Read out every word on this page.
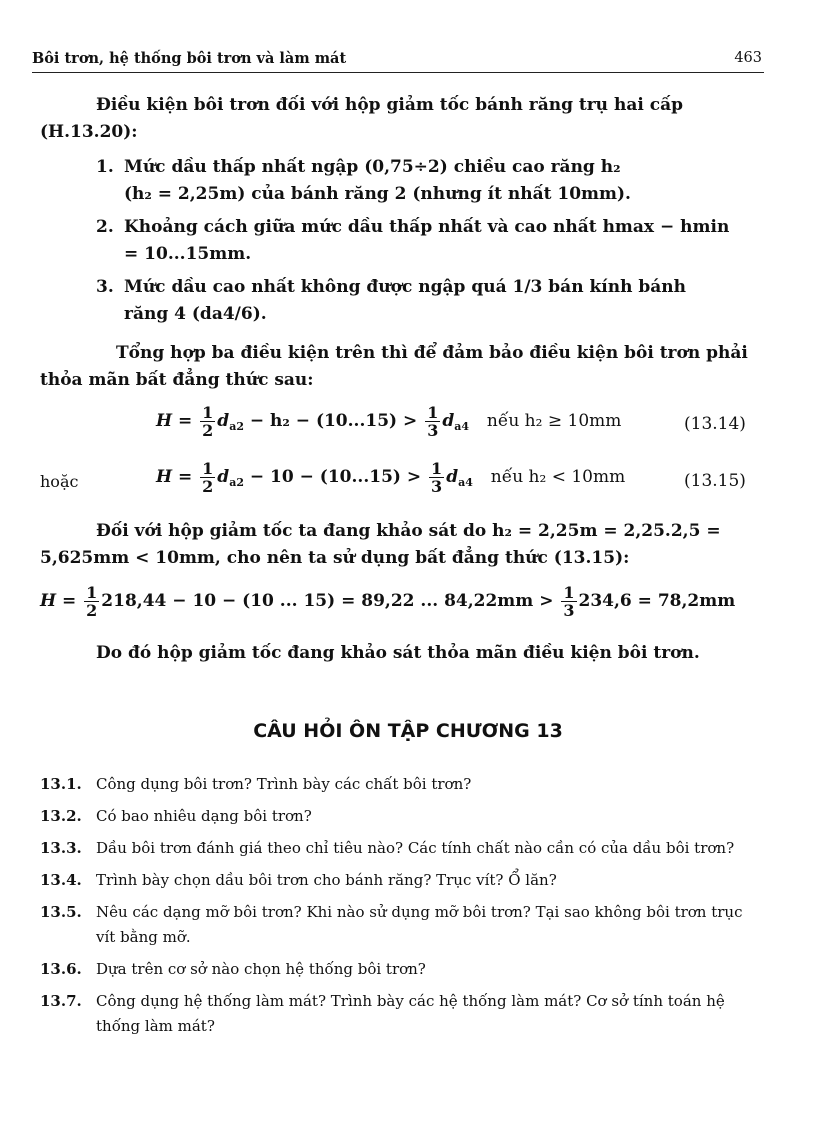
Bôi trơn, hệ thống bôi trơn và làm mát	463
Điều kiện bôi trơn đối với hộp giảm tốc bánh răng trụ hai cấp (H.13.20):
1. Mức dầu thấp nhất ngập (0,75÷2) chiều cao răng h₂
(h₂ = 2,25m) của bánh răng 2 (nhưng ít nhất 10mm).
2. Khoảng cách giữa mức dầu thấp nhất và cao nhất hmax − hmin
= 10...15mm.
3. Mức dầu cao nhất không được ngập quá 1/3 bán kính bánh
răng 4 (da4/6).
Tổng hợp ba điều kiện trên thì để đảm bảo điều kiện bôi trơn phải thỏa mãn bất đẳng thức sau:
$H = \frac{1}{2} d_{a2} - h_2 - (10...15) > \frac{1}{3} d_{a4}$ nếu h₂ ≥ 10mm	(13.14)
hoặc	$H = \frac{1}{2} d_{a2} - 10 - (10...15) > \frac{1}{3} d_{a4}$ nếu h₂ < 10mm	(13.15)
Đối với hộp giảm tốc ta đang khảo sát do h₂ = 2,25m = 2,25.2,5 = 5,625mm < 10mm, cho nên ta sử dụng bất đẳng thức (13.15):
$H = \frac{1}{2} 218,44 - 10 - (10$ ... 15) = 89,22 ... $84,22mm > \frac{1}{3} 234,6 = 78,2mm$
Do đó hộp giảm tốc đang khảo sát thỏa mãn điều kiện bôi trơn.
CÂU HỎI ÔN TẬP CHƯƠNG 13
13.1. Công dụng bôi trơn? Trình bày các chất bôi trơn?
13.2. Có bao nhiêu dạng bôi trơn?
13.3. Dầu bôi trơn đánh giá theo chỉ tiêu nào? Các tính chất nào cần có của dầu bôi trơn?
13.4. Trình bày chọn dầu bôi trơn cho bánh răng? Trục vít? Ổ lăn?
13.5. Nêu các dạng mỡ bôi trơn? Khi nào sử dụng mỡ bôi trơn? Tại sao không bôi trơn trục vít bằng mỡ.
13.6. Dựa trên cơ sở nào chọn hệ thống bôi trơn?
13.7. Công dụng hệ thống làm mát? Trình bày các hệ thống làm mát? Cơ sở tính toán hệ thống làm mát?
